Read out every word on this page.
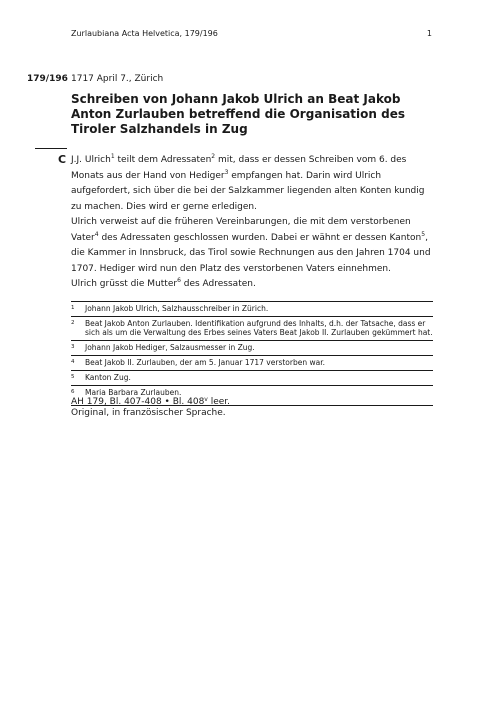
Zurlaubiana Acta Helvetica, 179/196	1
179/196 1717 April 7., Zürich
Schreiben von Johann Jakob Ulrich an Beat Jakob Anton Zurlauben betreffend die Organisation des Tiroler Salzhandels in Zug
C J.J. Ulrich$^1$ teilt dem Adressaten$^2$ mit, dass er dessen Schreiben vom 6. des Monats aus der Hand von Hediger$^3$ empfangen hat. Darin wird Ulrich aufgefordert, sich über die bei der Salzkammer liegenden alten Konten kundig zu machen. Dies wird er gerne erledigen.

Ulrich verweist auf die früheren Vereinbarungen, die mit dem verstorbenen Vater$^4$ des Adressaten geschlossen wurden. Dabei er wähnt er dessen Kanton$^5$, die Kammer in Innsbruck, das Tirol sowie Rechnungen aus den Jahren 1704 und 1707. Hediger wird nun den Platz des verstorbenen Vaters einnehmen.

Ulrich grüsst die Mutter$^6$ des Adressaten.

1	Johann Jakob Ulrich, Salzhausschreiber in Zürich.
2	Beat Jakob Anton Zurlauben. Identifikation aufgrund des Inhalts, d.h. der Tatsache, dass er sich als um die Verwaltung des Erbes seines Vaters Beat Jakob II. Zurlauben gekümmert hat.
3	Johann Jakob Hediger, Salzausmesser in Zug.
4	Beat Jakob II. Zurlauben, der am 5. Januar 1717 verstorben war.
5	Kanton Zug.
6	Maria Barbara Zurlauben.
AH 179, Bl. 407-408 • Bl. 408$^v$ leer.
Original, in französischer Sprache.
